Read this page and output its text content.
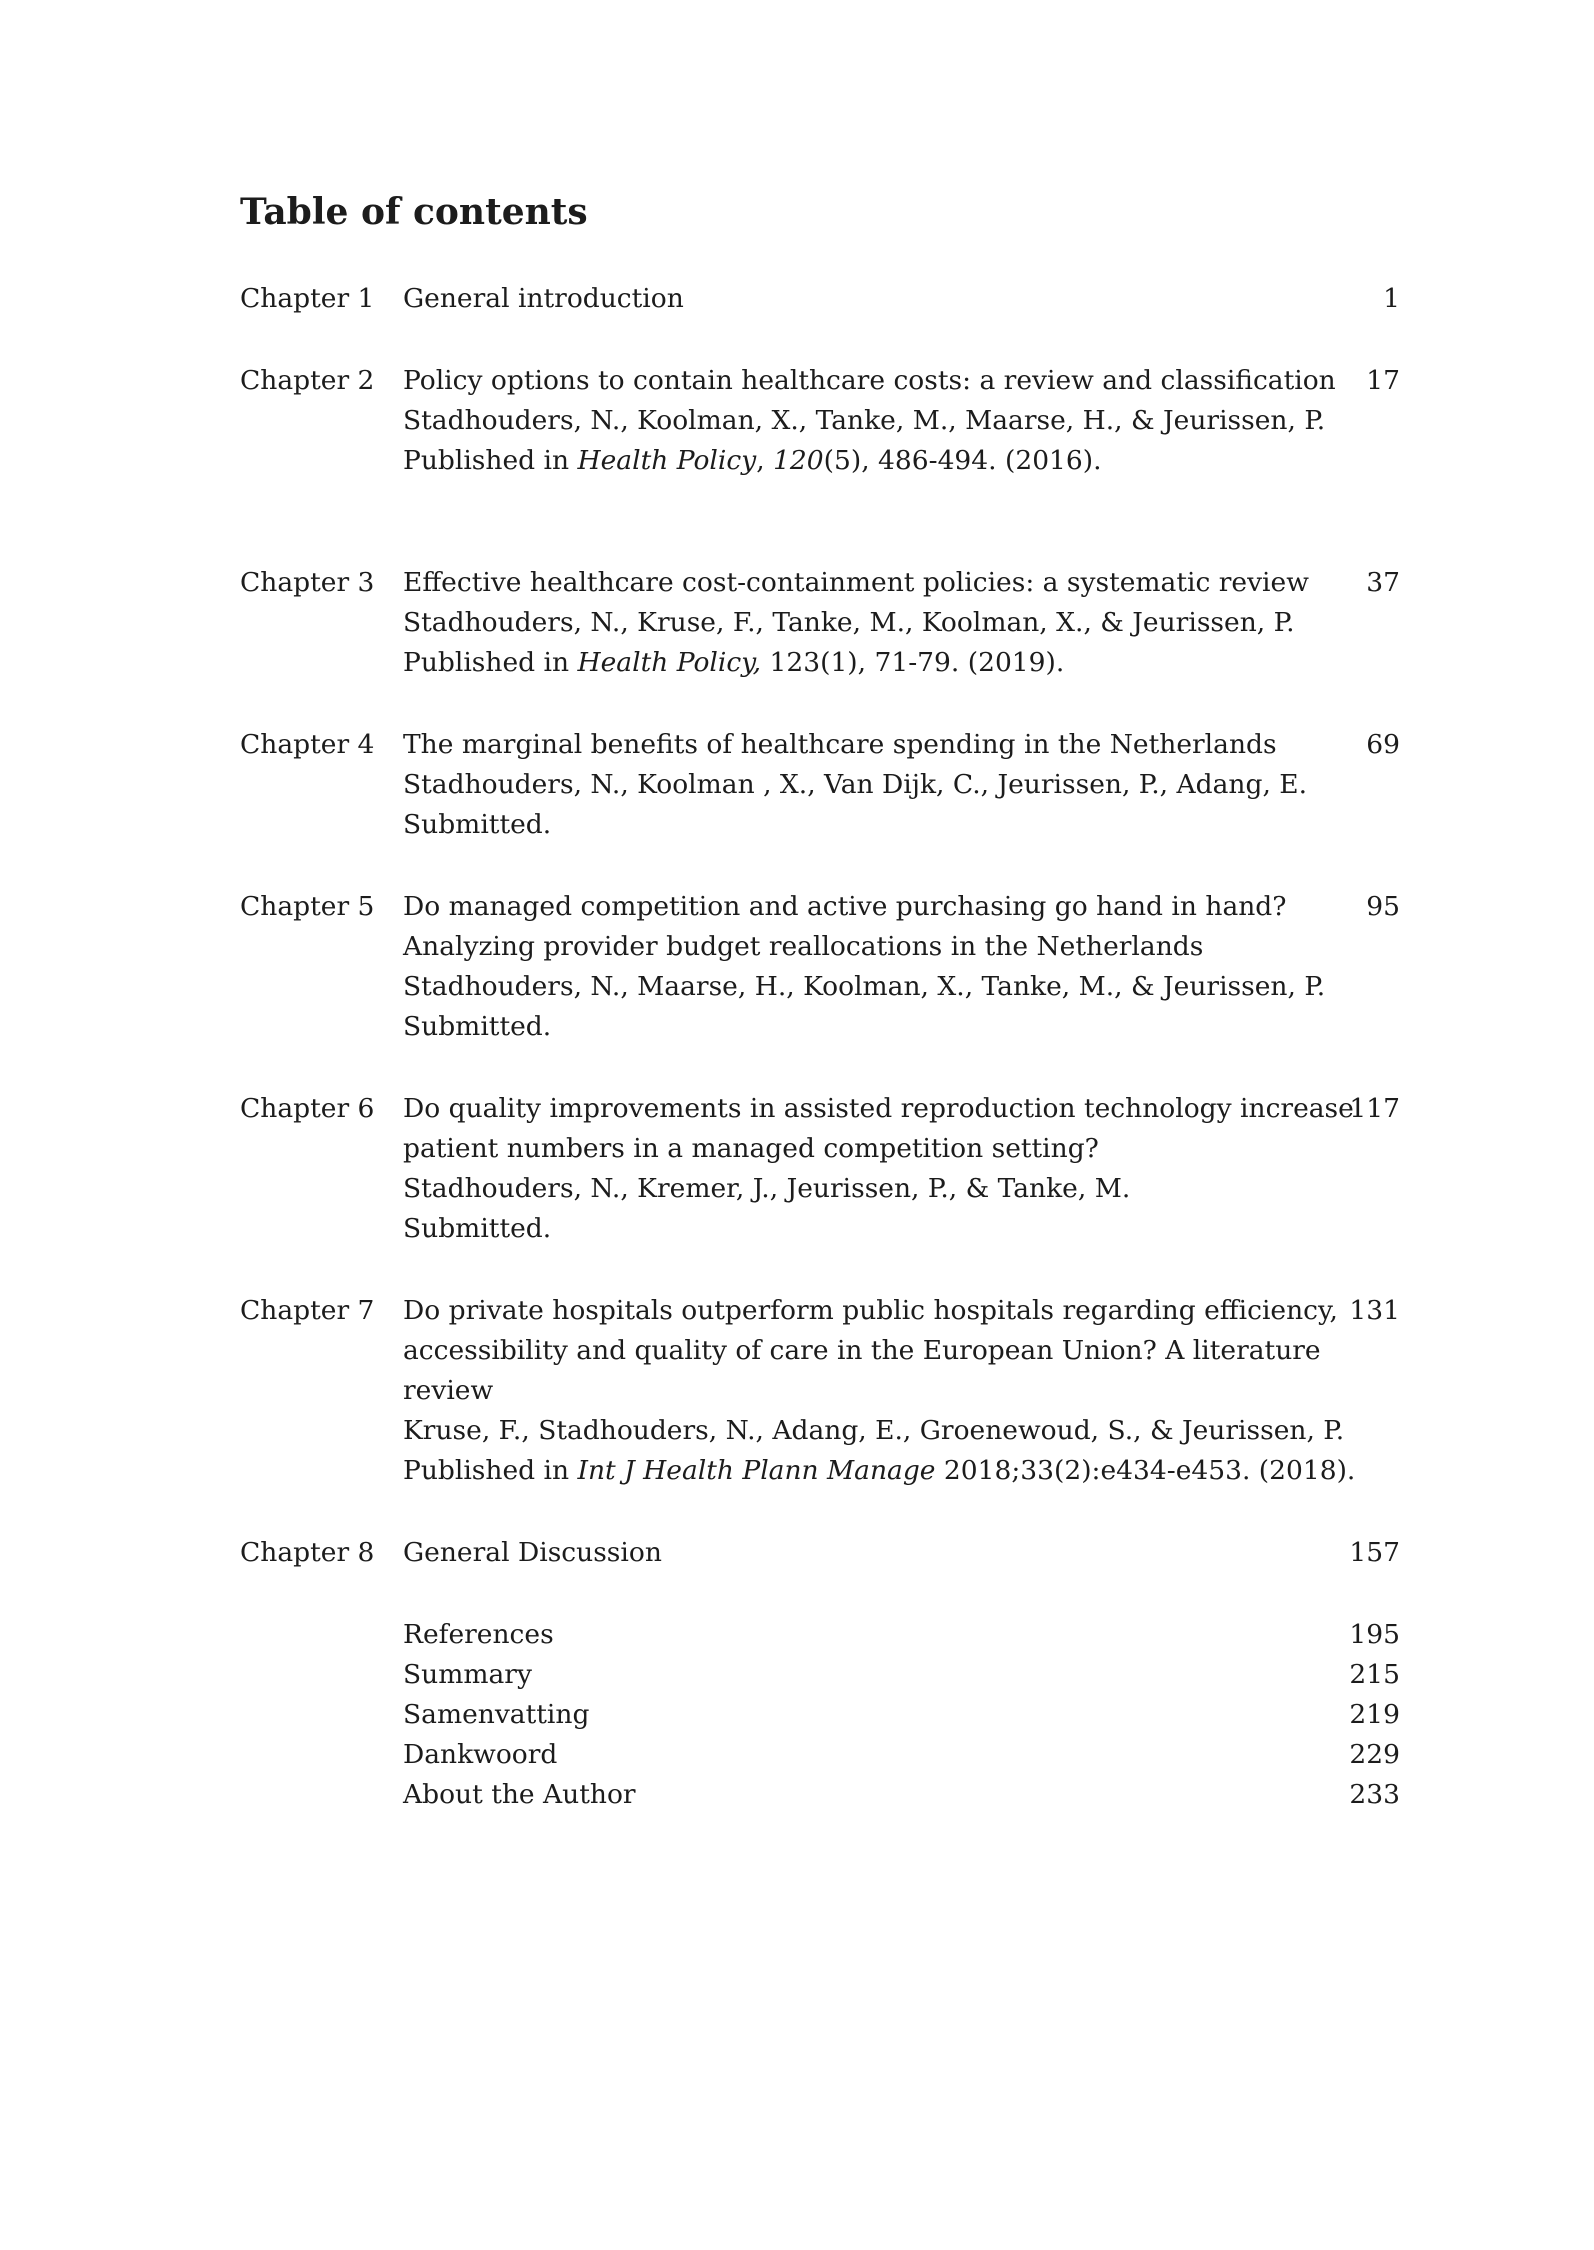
Table of contents
Chapter 1	General introduction	1
Chapter 2	Policy options to contain healthcare costs: a review and classification
Stadhouders, N., Koolman, X., Tanke, M., Maarse, H., & Jeurissen, P.
Published in Health Policy, 120(5), 486-494. (2016).
17
Chapter 3	Effective healthcare cost-containment policies: a systematic review
Stadhouders, N., Kruse, F., Tanke, M., Koolman, X., & Jeurissen, P.
Published in Health Policy, 123(1), 71-79. (2019).
37
Chapter 4	The marginal benefits of healthcare spending in the Netherlands
Stadhouders, N., Koolman , X., Van Dijk, C., Jeurissen, P., Adang, E.
Submitted.
69
Chapter 5	Do managed competition and active purchasing go hand in hand?
Analyzing provider budget reallocations in the Netherlands
Stadhouders, N., Maarse, H., Koolman, X., Tanke, M., & Jeurissen, P.
Submitted.
95
Chapter 6	Do quality improvements in assisted reproduction technology increase
patient numbers in a managed competition setting?
Stadhouders, N., Kremer, J., Jeurissen, P., & Tanke, M.
Submitted.
117
Chapter 7	Do private hospitals outperform public hospitals regarding efficiency,
accessibility and quality of care in the European Union? A literature
review
Kruse, F., Stadhouders, N., Adang, E., Groenewoud, S., & Jeurissen, P.
Published in Int J Health Plann Manage 2018;33(2):e434-e453. (2018).
131
Chapter 8	General Discussion	157
References	195
Summary	215
Samenvatting	219
Dankwoord	229
About the Author	233
